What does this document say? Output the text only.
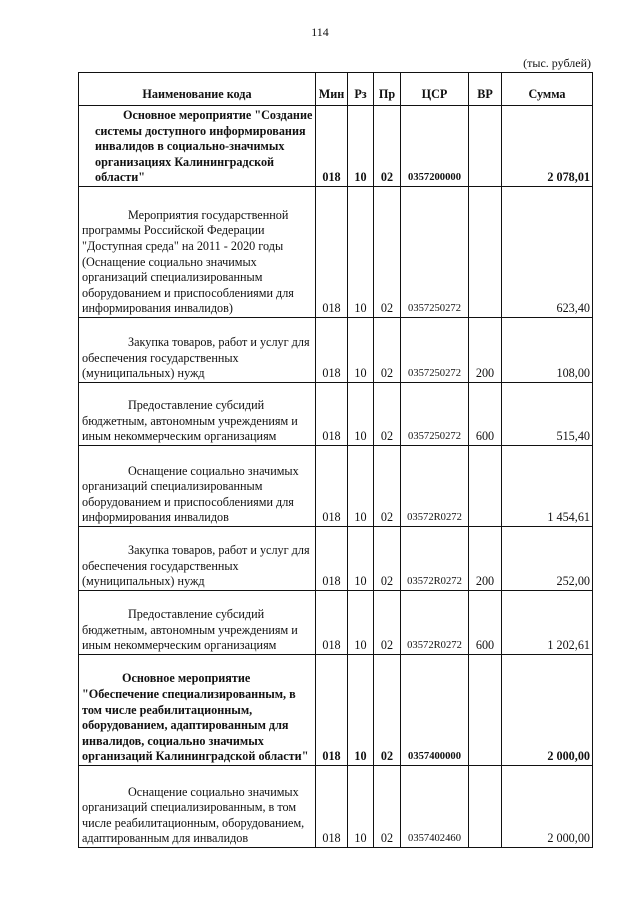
114
(тыс. рублей)
Наименование кода	Мин	Рз	Пр	ЦСР	ВР	Сумма
Основное мероприятие "Создание системы доступного информирования инвалидов в социально-значимых организациях Калининградской области"	018	10	02	0357200000		2 078,01
Мероприятия государственной программы Российской Федерации "Доступная среда" на 2011 - 2020 годы (Оснащение социально значимых организаций специализированным оборудованием и приспособлениями для информирования инвалидов)	018	10	02	0357250272		623,40
Закупка товаров, работ и услуг для обеспечения государственных (муниципальных) нужд	018	10	02	0357250272	200	108,00
Предоставление субсидий бюджетным, автономным учреждениям и иным некоммерческим организациям	018	10	02	0357250272	600	515,40
Оснащение социально значимых организаций специализированным оборудованием и приспособлениями для информирования инвалидов	018	10	02	03572R0272		1 454,61
Закупка товаров, работ и услуг для обеспечения государственных (муниципальных) нужд	018	10	02	03572R0272	200	252,00
Предоставление субсидий бюджетным, автономным учреждениям и иным некоммерческим организациям	018	10	02	03572R0272	600	1 202,61
Основное мероприятие "Обеспечение специализированным, в том числе реабилитационным, оборудованием, адаптированным для инвалидов, социально значимых организаций Калининградской области"	018	10	02	0357400000		2 000,00
Оснащение социально значимых организаций специализированным, в том числе реабилитационным, оборудованием, адаптированным для инвалидов	018	10	02	0357402460		2 000,00
